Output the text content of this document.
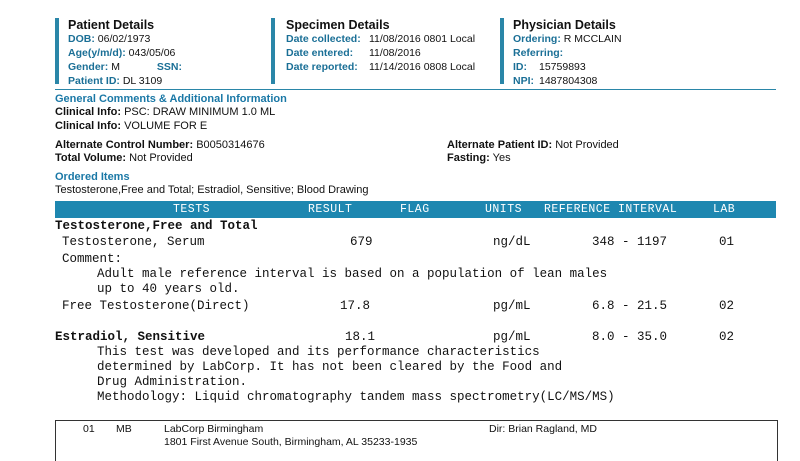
Patient Details
DOB: 06/02/1973
Age(y/m/d): 043/05/06
Gender: M	SSN:
Patient ID: DL 3109
Specimen Details
Date collected: 11/08/2016 0801 Local
Date entered: 11/08/2016
Date reported: 11/14/2016 0808 Local
Physician Details
Ordering: R MCCLAIN
Referring:
ID: 15759893
NPI: 1487804308
General Comments & Additional Information
Clinical Info: PSC: DRAW MINIMUM 1.0 ML
Clinical Info: VOLUME FOR E
Alternate Control Number: B0050314676
Total Volume: Not Provided
Alternate Patient ID: Not Provided
Fasting: Yes
Ordered Items
Testosterone,Free and Total; Estradiol, Sensitive; Blood Drawing
TESTS	RESULT	FLAG	UNITS REFERENCE INTERVAL	LAB
Testosterone,Free and Total
Testosterone, Serum	679	ng/dL	348 - 1197	01
Comment:
Adult male reference interval is based on a population of lean males
up to 40 years old.
Free Testosterone(Direct)	17.8	pg/mL	6.8 - 21.5	02
Estradiol, Sensitive	18.1	pg/mL	8.0 - 35.0	02
This test was developed and its performance characteristics
determined by LabCorp. It has not been cleared by the Food and
Drug Administration.
Methodology: Liquid chromatography tandem mass spectrometry(LC/MS/MS)
01 MB	LabCorp Birmingham
1801 First Avenue South, Birmingham, AL 35233-1935
Dir: Brian Ragland, MD
